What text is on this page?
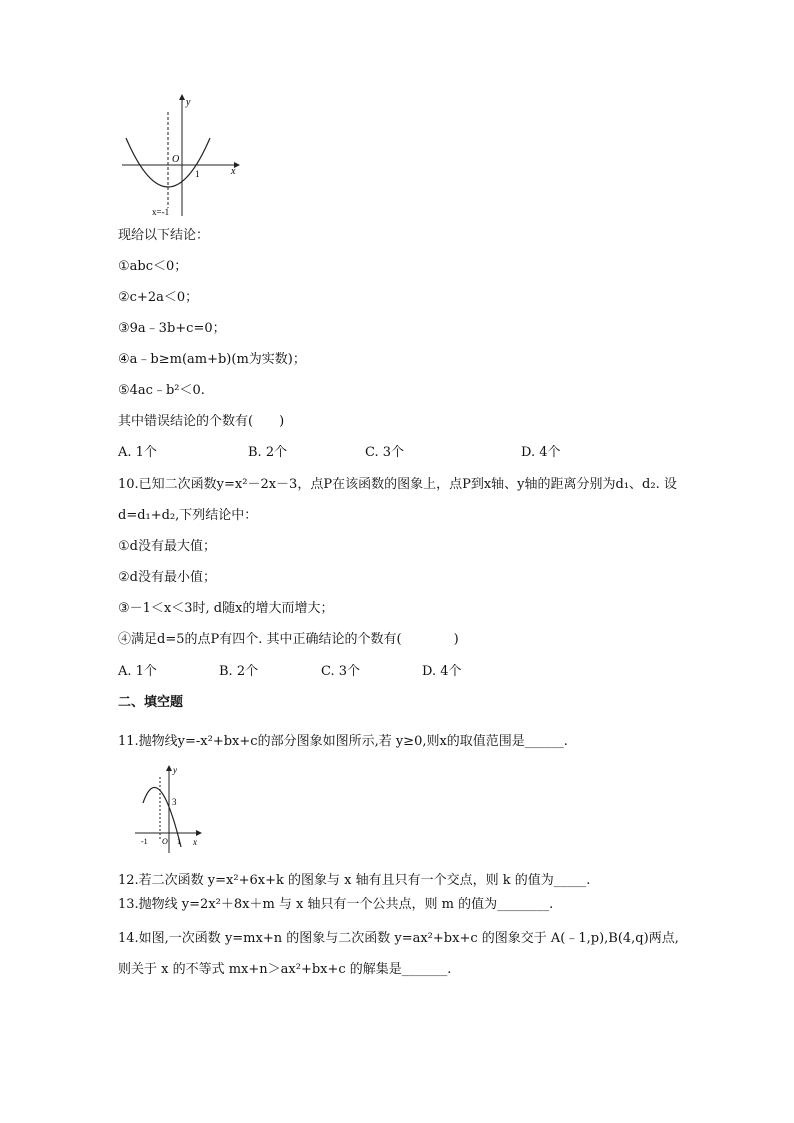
y
x
O
1
x=-1
现给以下结论：
①abc＜0；
②c+2a＜0；
③9a﹣3b+c=0；
④a﹣b≥m(am+b)(m为实数)；
⑤4ac﹣b²＜0.
其中错误结论的个数有(　　)
A. 1个	B. 2个	C. 3个	D. 4个
10.已知二次函数y=x²－2x－3，点P在该函数的图象上，点P到x轴、y轴的距离分别为d₁、d₂. 设
d=d₁+d₂,下列结论中：
①d没有最大值；
②d没有最小值；
③－1＜x＜3时, d随x的增大而增大；
④满足d=5的点P有四个. 其中正确结论的个数有(　　　　)
A. 1个	B. 2个	C. 3个	D. 4个
二、填空题
11.抛物线y=-x²+bx+c的部分图象如图所示,若 y≥0,则x的取值范围是______.
y
x
3
-1 O 1
12.若二次函数 y=x²+6x+k 的图象与 x 轴有且只有一个交点，则 k 的值为_____.
13.抛物线 y=2x²＋8x＋m 与 x 轴只有一个公共点，则 m 的值为________.
14.如图,一次函数 y=mx+n 的图象与二次函数 y=ax²+bx+c 的图象交于 A(﹣1,p),B(4,q)两点,
则关于 x 的不等式 mx+n＞ax²+bx+c 的解集是_______.
